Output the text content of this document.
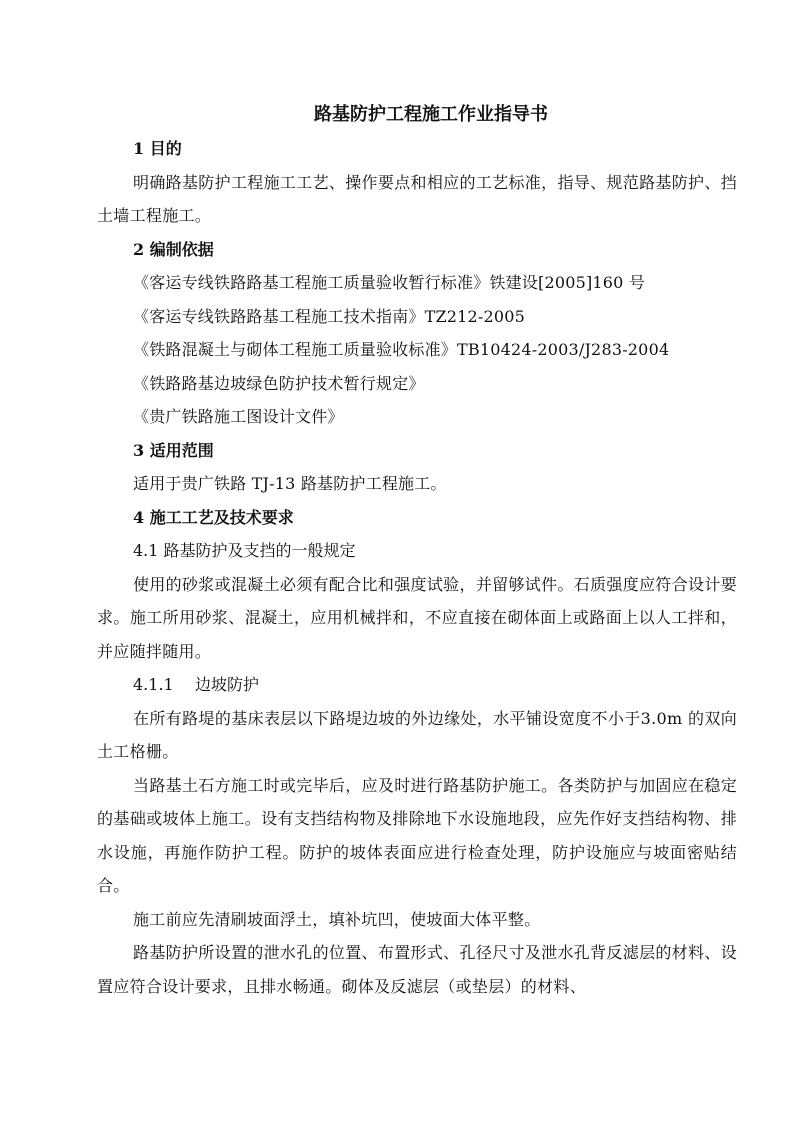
路基防护工程施工作业指导书
1 目的
明确路基防护工程施工工艺、操作要点和相应的工艺标准，指导、规范路基防护、挡土墙工程施工。
2 编制依据
《客运专线铁路路基工程施工质量验收暂行标准》铁建设[2005]160 号
《客运专线铁路路基工程施工技术指南》TZ212-2005
《铁路混凝土与砌体工程施工质量验收标准》TB10424-2003/J283-2004
《铁路路基边坡绿色防护技术暂行规定》
《贵广铁路施工图设计文件》
3 适用范围
适用于贵广铁路 TJ-13 路基防护工程施工。
4 施工工艺及技术要求
4.1 路基防护及支挡的一般规定
使用的砂浆或混凝土必须有配合比和强度试验，并留够试件。石质强度应符合设计要求。施工所用砂浆、混凝土，应用机械拌和，不应直接在砌体面上或路面上以人工拌和，并应随拌随用。
4.1.1 边坡防护
在所有路堤的基床表层以下路堤边坡的外边缘处，水平铺设宽度不小于3.0m 的双向土工格栅。
当路基土石方施工时或完毕后，应及时进行路基防护施工。各类防护与加固应在稳定的基础或坡体上施工。设有支挡结构物及排除地下水设施地段，应先作好支挡结构物、排水设施，再施作防护工程。防护的坡体表面应进行检查处理，防护设施应与坡面密贴结合。
施工前应先清刷坡面浮土，填补坑凹，使坡面大体平整。
路基防护所设置的泄水孔的位置、布置形式、孔径尺寸及泄水孔背反滤层的材料、设置应符合设计要求，且排水畅通。砌体及反滤层（或垫层）的材料、
